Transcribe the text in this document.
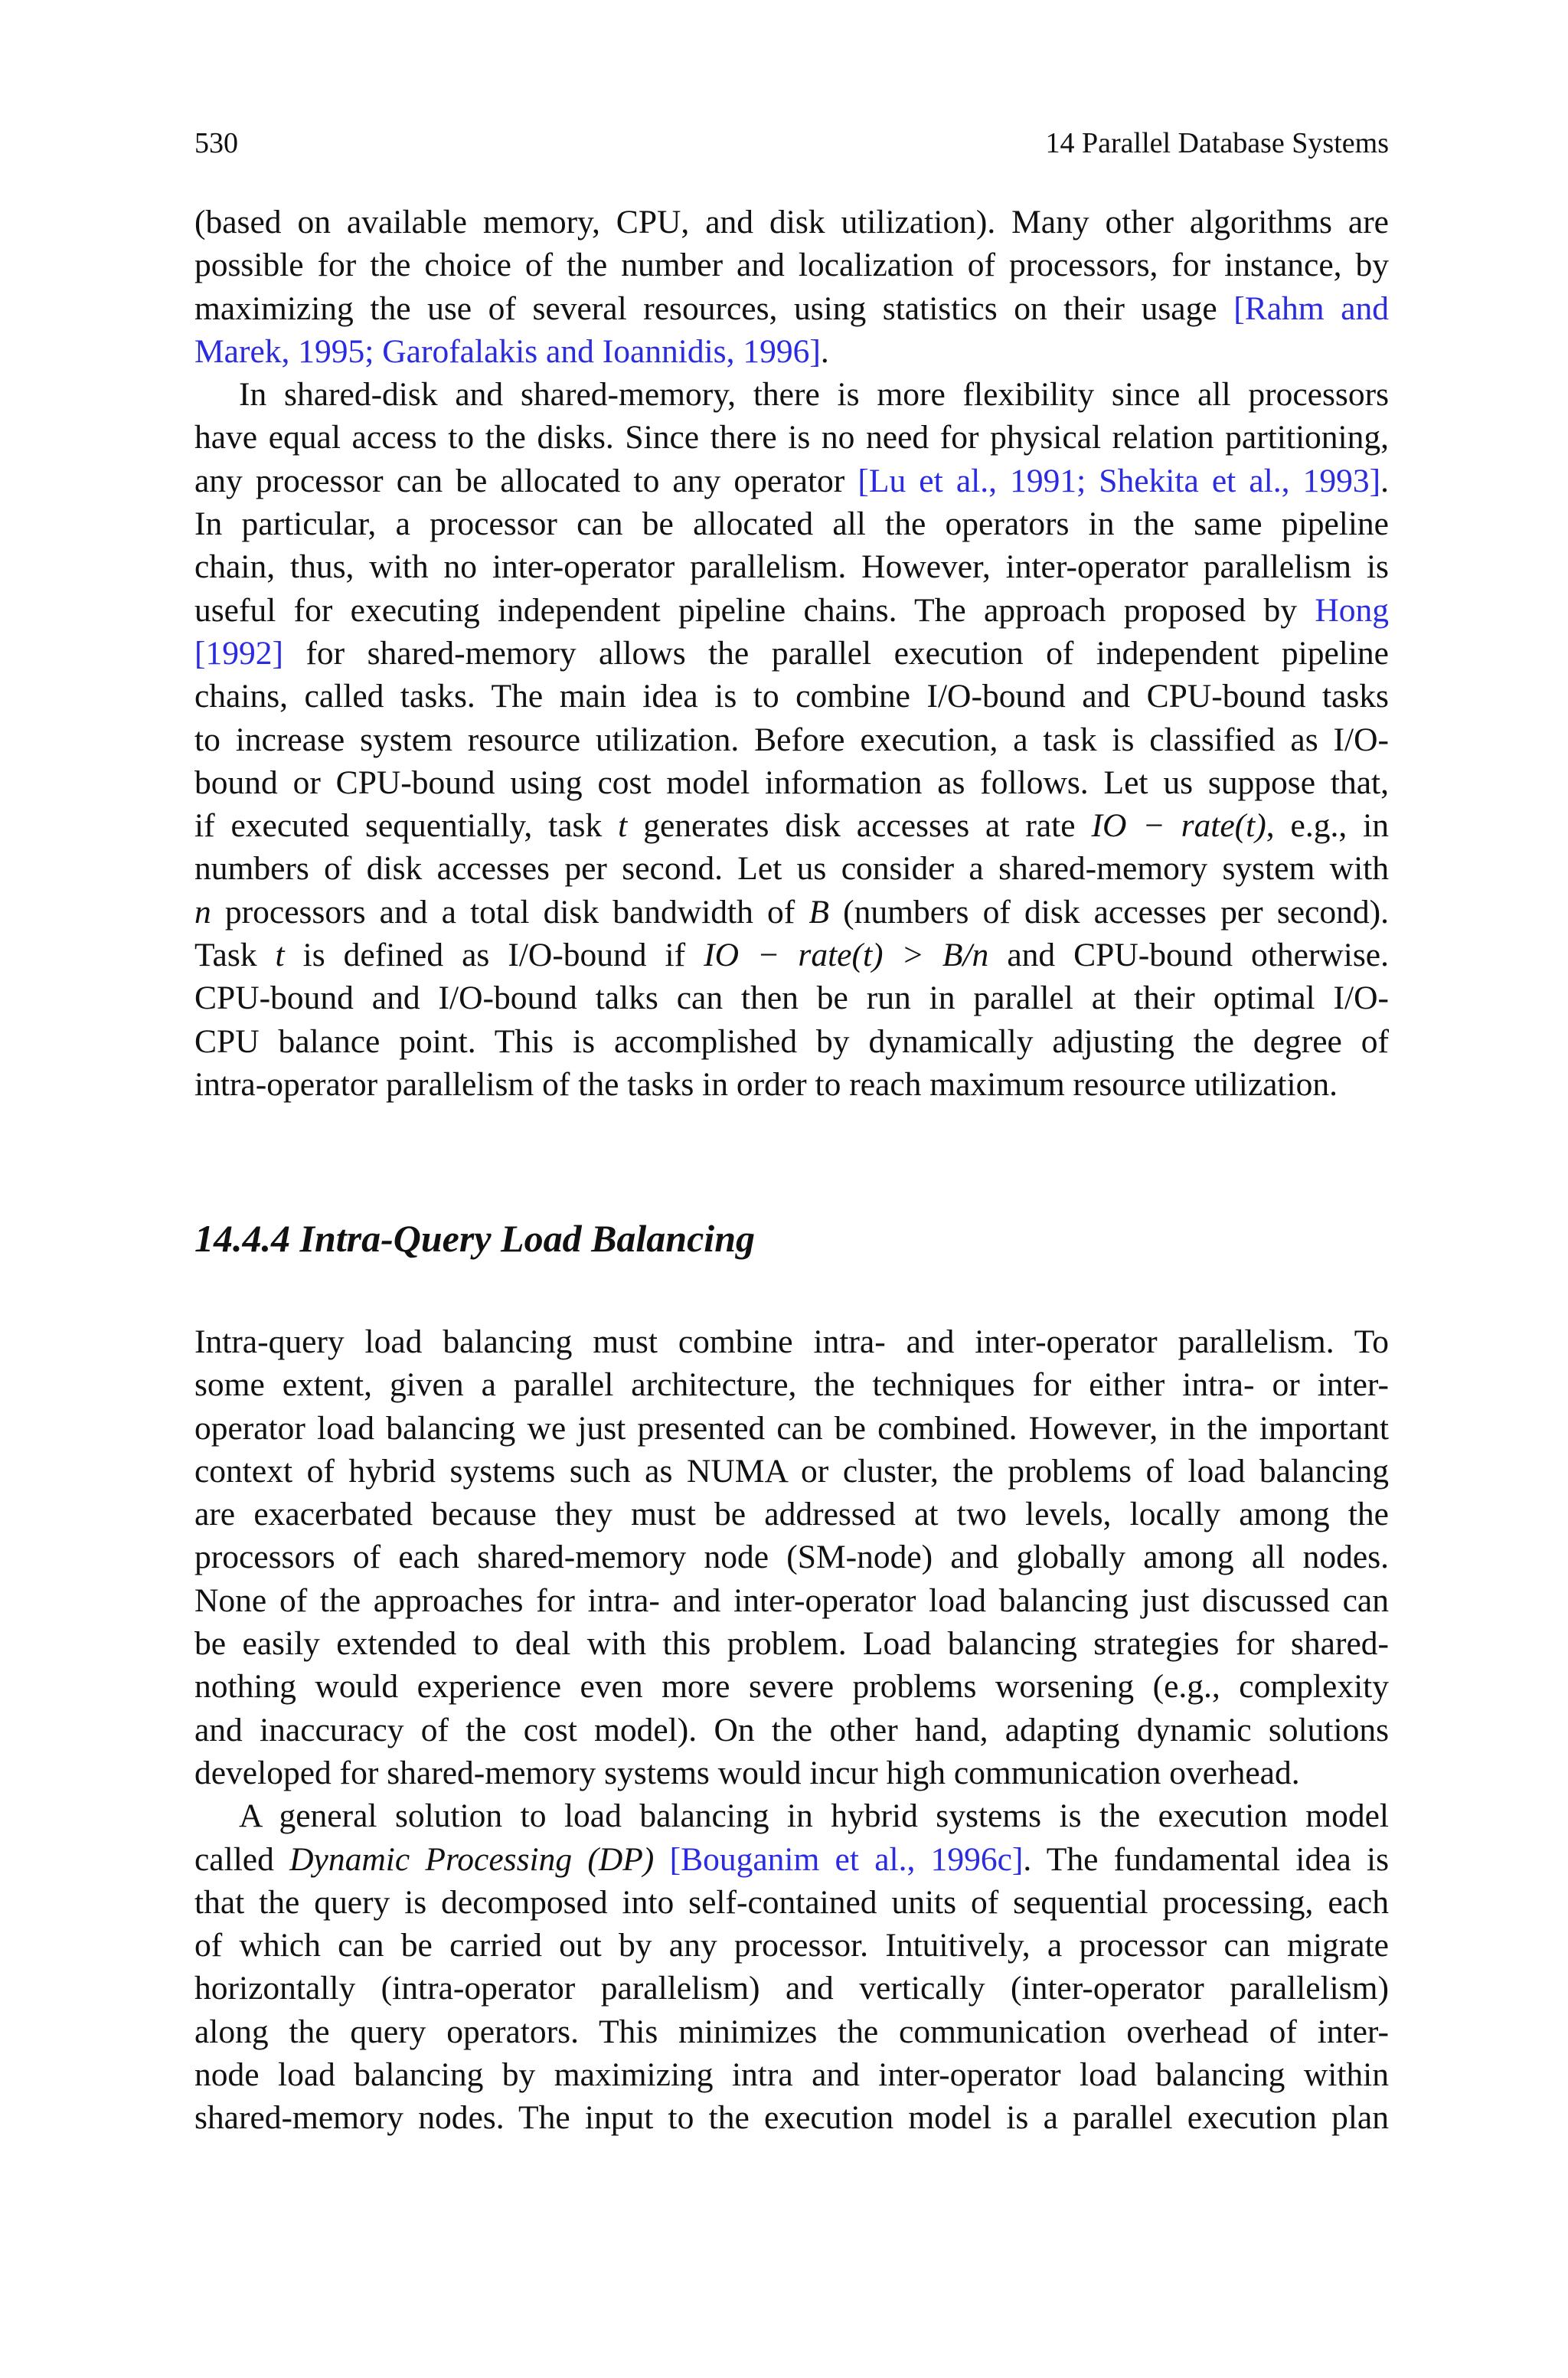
530	14 Parallel Database Systems
(based on available memory, CPU, and disk utilization). Many other algorithms are
possible for the choice of the number and localization of processors, for instance, by
maximizing the use of several resources, using statistics on their usage [Rahm and
Marek, 1995; Garofalakis and Ioannidis, 1996].
In shared-disk and shared-memory, there is more flexibility since all processors
have equal access to the disks. Since there is no need for physical relation partitioning,
any processor can be allocated to any operator [Lu et al., 1991; Shekita et al., 1993].
In particular, a processor can be allocated all the operators in the same pipeline
chain, thus, with no inter-operator parallelism. However, inter-operator parallelism is
useful for executing independent pipeline chains. The approach proposed by Hong
[1992] for shared-memory allows the parallel execution of independent pipeline
chains, called tasks. The main idea is to combine I/O-bound and CPU-bound tasks
to increase system resource utilization. Before execution, a task is classified as I/O-
bound or CPU-bound using cost model information as follows. Let us suppose that,
if executed sequentially, task t generates disk accesses at rate IO − rate(t), e.g., in
numbers of disk accesses per second. Let us consider a shared-memory system with
n processors and a total disk bandwidth of B (numbers of disk accesses per second).
Task t is defined as I/O-bound if IO − rate(t) > B/n and CPU-bound otherwise.
CPU-bound and I/O-bound talks can then be run in parallel at their optimal I/O-
CPU balance point. This is accomplished by dynamically adjusting the degree of
intra-operator parallelism of the tasks in order to reach maximum resource utilization.
14.4.4 Intra-Query Load Balancing
Intra-query load balancing must combine intra- and inter-operator parallelism. To
some extent, given a parallel architecture, the techniques for either intra- or inter-
operator load balancing we just presented can be combined. However, in the important
context of hybrid systems such as NUMA or cluster, the problems of load balancing
are exacerbated because they must be addressed at two levels, locally among the
processors of each shared-memory node (SM-node) and globally among all nodes.
None of the approaches for intra- and inter-operator load balancing just discussed can
be easily extended to deal with this problem. Load balancing strategies for shared-
nothing would experience even more severe problems worsening (e.g., complexity
and inaccuracy of the cost model). On the other hand, adapting dynamic solutions
developed for shared-memory systems would incur high communication overhead.
A general solution to load balancing in hybrid systems is the execution model
called Dynamic Processing (DP) [Bouganim et al., 1996c]. The fundamental idea is
that the query is decomposed into self-contained units of sequential processing, each
of which can be carried out by any processor. Intuitively, a processor can migrate
horizontally (intra-operator parallelism) and vertically (inter-operator parallelism)
along the query operators. This minimizes the communication overhead of inter-
node load balancing by maximizing intra and inter-operator load balancing within
shared-memory nodes. The input to the execution model is a parallel execution plan
